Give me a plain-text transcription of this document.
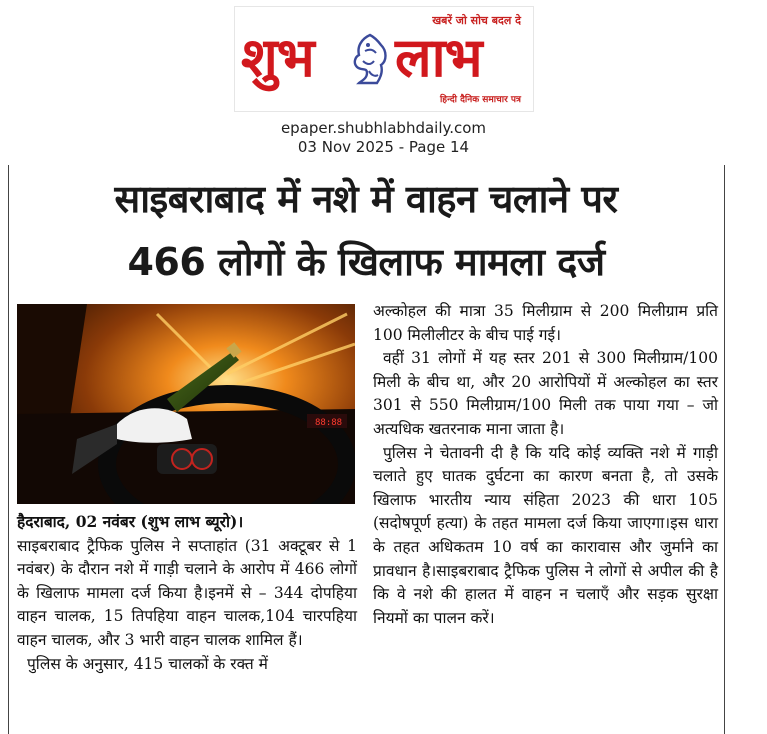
खबरें जो सोच बदल दे
शुभ लाभ
हिन्दी दैनिक समाचार पत्र
epaper.shubhlabhdaily.com
03 Nov 2025 - Page 14
साइबराबाद में नशे में वाहन चलाने पर
466 लोगों के खिलाफ मामला दर्ज
88:88

हैदराबाद, 02 नवंबर (शुभ लाभ ब्यूरो)।

साइबराबाद ट्रैफिक पुलिस ने सप्ताहांत (31 अक्टूबर से 1 नवंबर) के दौरान नशे में गाड़ी चलाने के आरोप में 466 लोगों के खिलाफ मामला दर्ज किया है।इनमें से – 344 दोपहिया वाहन चालक, 15 तिपहिया वाहन चालक,104 चारपहिया वाहन चालक, और 3 भारी वाहन चालक शामिल हैं।

पुलिस के अनुसार, 415 चालकों के रक्त में

अल्कोहल की मात्रा 35 मिलीग्राम से 200 मिलीग्राम प्रति 100 मिलीलीटर के बीच पाई गई।

वहीं 31 लोगों में यह स्तर 201 से 300 मिलीग्राम/100 मिली के बीच था, और 20 आरोपियों में अल्कोहल का स्तर 301 से 550 मिलीग्राम/100 मिली तक पाया गया – जो अत्यधिक खतरनाक माना जाता है।

पुलिस ने चेतावनी दी है कि यदि कोई व्यक्ति नशे में गाड़ी चलाते हुए घातक दुर्घटना का कारण बनता है, तो उसके खिलाफ भारतीय न्याय संहिता 2023 की धारा 105 (सदोषपूर्ण हत्या) के तहत मामला दर्ज किया जाएगा।इस धारा के तहत अधिकतम 10 वर्ष का कारावास और जुर्माने का प्रावधान है।साइबराबाद ट्रैफिक पुलिस ने लोगों से अपील की है कि वे नशे की हालत में वाहन न चलाएँ और सड़क सुरक्षा नियमों का पालन करें।
